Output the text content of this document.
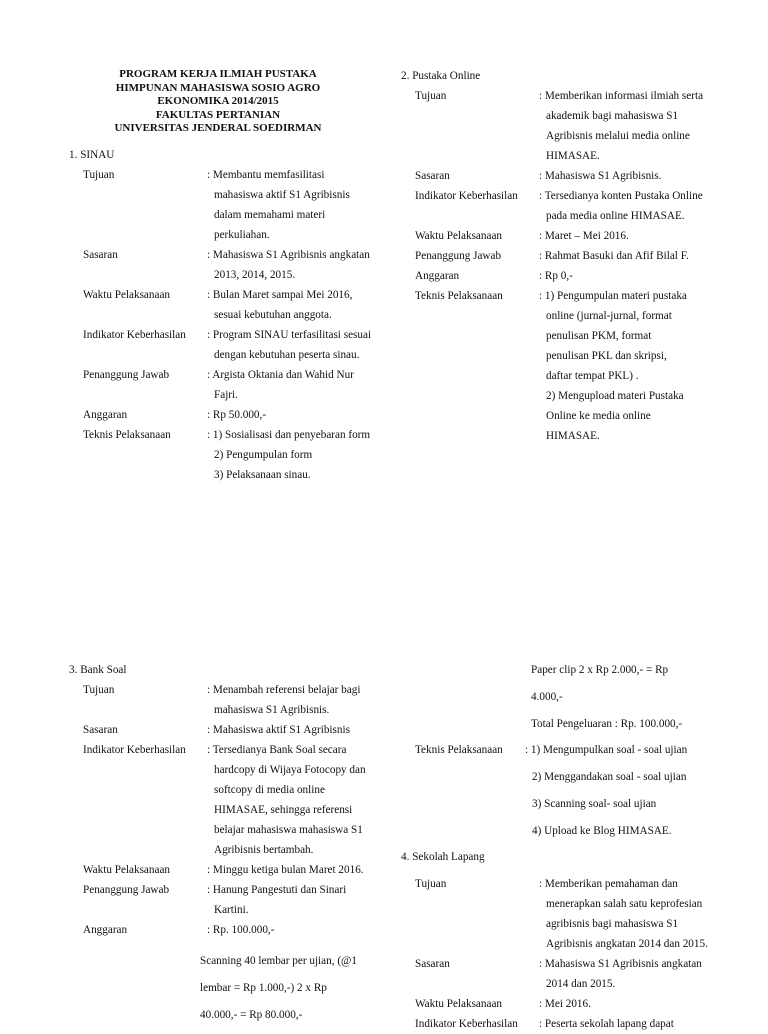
PROGRAM KERJA ILMIAH PUSTAKA
HIMPUNAN MAHASISWA SOSIO AGRO
EKONOMIKA 2014/2015
FAKULTAS PERTANIAN
UNIVERSITAS JENDERAL SOEDIRMAN
1. SINAU
Tujuan	: Membantu memfasilitasi
mahasiswa aktif S1 Agribisnis
dalam memahami materi
perkuliahan.
Sasaran	: Mahasiswa S1 Agribisnis angkatan
2013, 2014, 2015.
Waktu Pelaksanaan	: Bulan Maret sampai Mei 2016,
sesuai kebutuhan anggota.
Indikator Keberhasilan	: Program SINAU terfasilitasi sesuai
dengan kebutuhan peserta sinau.
Penanggung Jawab	: Argista Oktania dan Wahid Nur
Fajri.
Anggaran	: Rp 50.000,-
Teknis Pelaksanaan	: 1) Sosialisasi dan penyebaran form
2) Pengumpulan form
3) Pelaksanaan sinau.
2. Pustaka Online
Tujuan	: Memberikan informasi ilmiah serta
akademik bagi mahasiswa S1
Agribisnis melalui media online
HIMASAE.
Sasaran	: Mahasiswa S1 Agribisnis.
Indikator Keberhasilan	: Tersedianya konten Pustaka Online
pada media online HIMASAE.
Waktu Pelaksanaan	: Maret – Mei 2016.
Penanggung Jawab	: Rahmat Basuki dan Afif Bilal F.
Anggaran	: Rp 0,-
Teknis Pelaksanaan	: 1) Pengumpulan materi pustaka
online (jurnal-jurnal, format
penulisan PKM, format
penulisan PKL dan skripsi,
daftar tempat PKL) .
2) Mengupload materi Pustaka
Online ke media online
HIMASAE.
3. Bank Soal
Tujuan	: Menambah referensi belajar bagi
mahasiswa S1 Agribisnis.
Sasaran	: Mahasiswa aktif S1 Agribisnis
Indikator Keberhasilan	: Tersedianya Bank Soal secara
hardcopy di Wijaya Fotocopy dan
softcopy di media online
HIMASAE, sehingga referensi
belajar mahasiswa mahasiswa S1
Agribisnis bertambah.
Waktu Pelaksanaan	: Minggu ketiga bulan Maret 2016.
Penanggung Jawab	: Hanung Pangestuti dan Sinari
Kartini.
Anggaran	: Rp. 100.000,-
Scanning 40 lembar per ujian, (@1
lembar = Rp 1.000,-) 2 x Rp
40.000,- = Rp 80.000,-
Paper clip 2 x Rp 2.000,- = Rp
4.000,-
Total Pengeluaran : Rp. 100.000,-
Teknis Pelaksanaan	: 1) Mengumpulkan soal - soal ujian
2) Menggandakan soal - soal ujian
3) Scanning soal- soal ujian
4) Upload ke Blog HIMASAE.
4. Sekolah Lapang
Tujuan	: Memberikan pemahaman dan
menerapkan salah satu keprofesian
agribisnis bagi mahasiswa S1
Agribisnis angkatan 2014 dan 2015.
Sasaran	: Mahasiswa S1 Agribisnis angkatan
2014 dan 2015.
Waktu Pelaksanaan	: Mei 2016.
Indikator Keberhasilan	: Peserta sekolah lapang dapat
